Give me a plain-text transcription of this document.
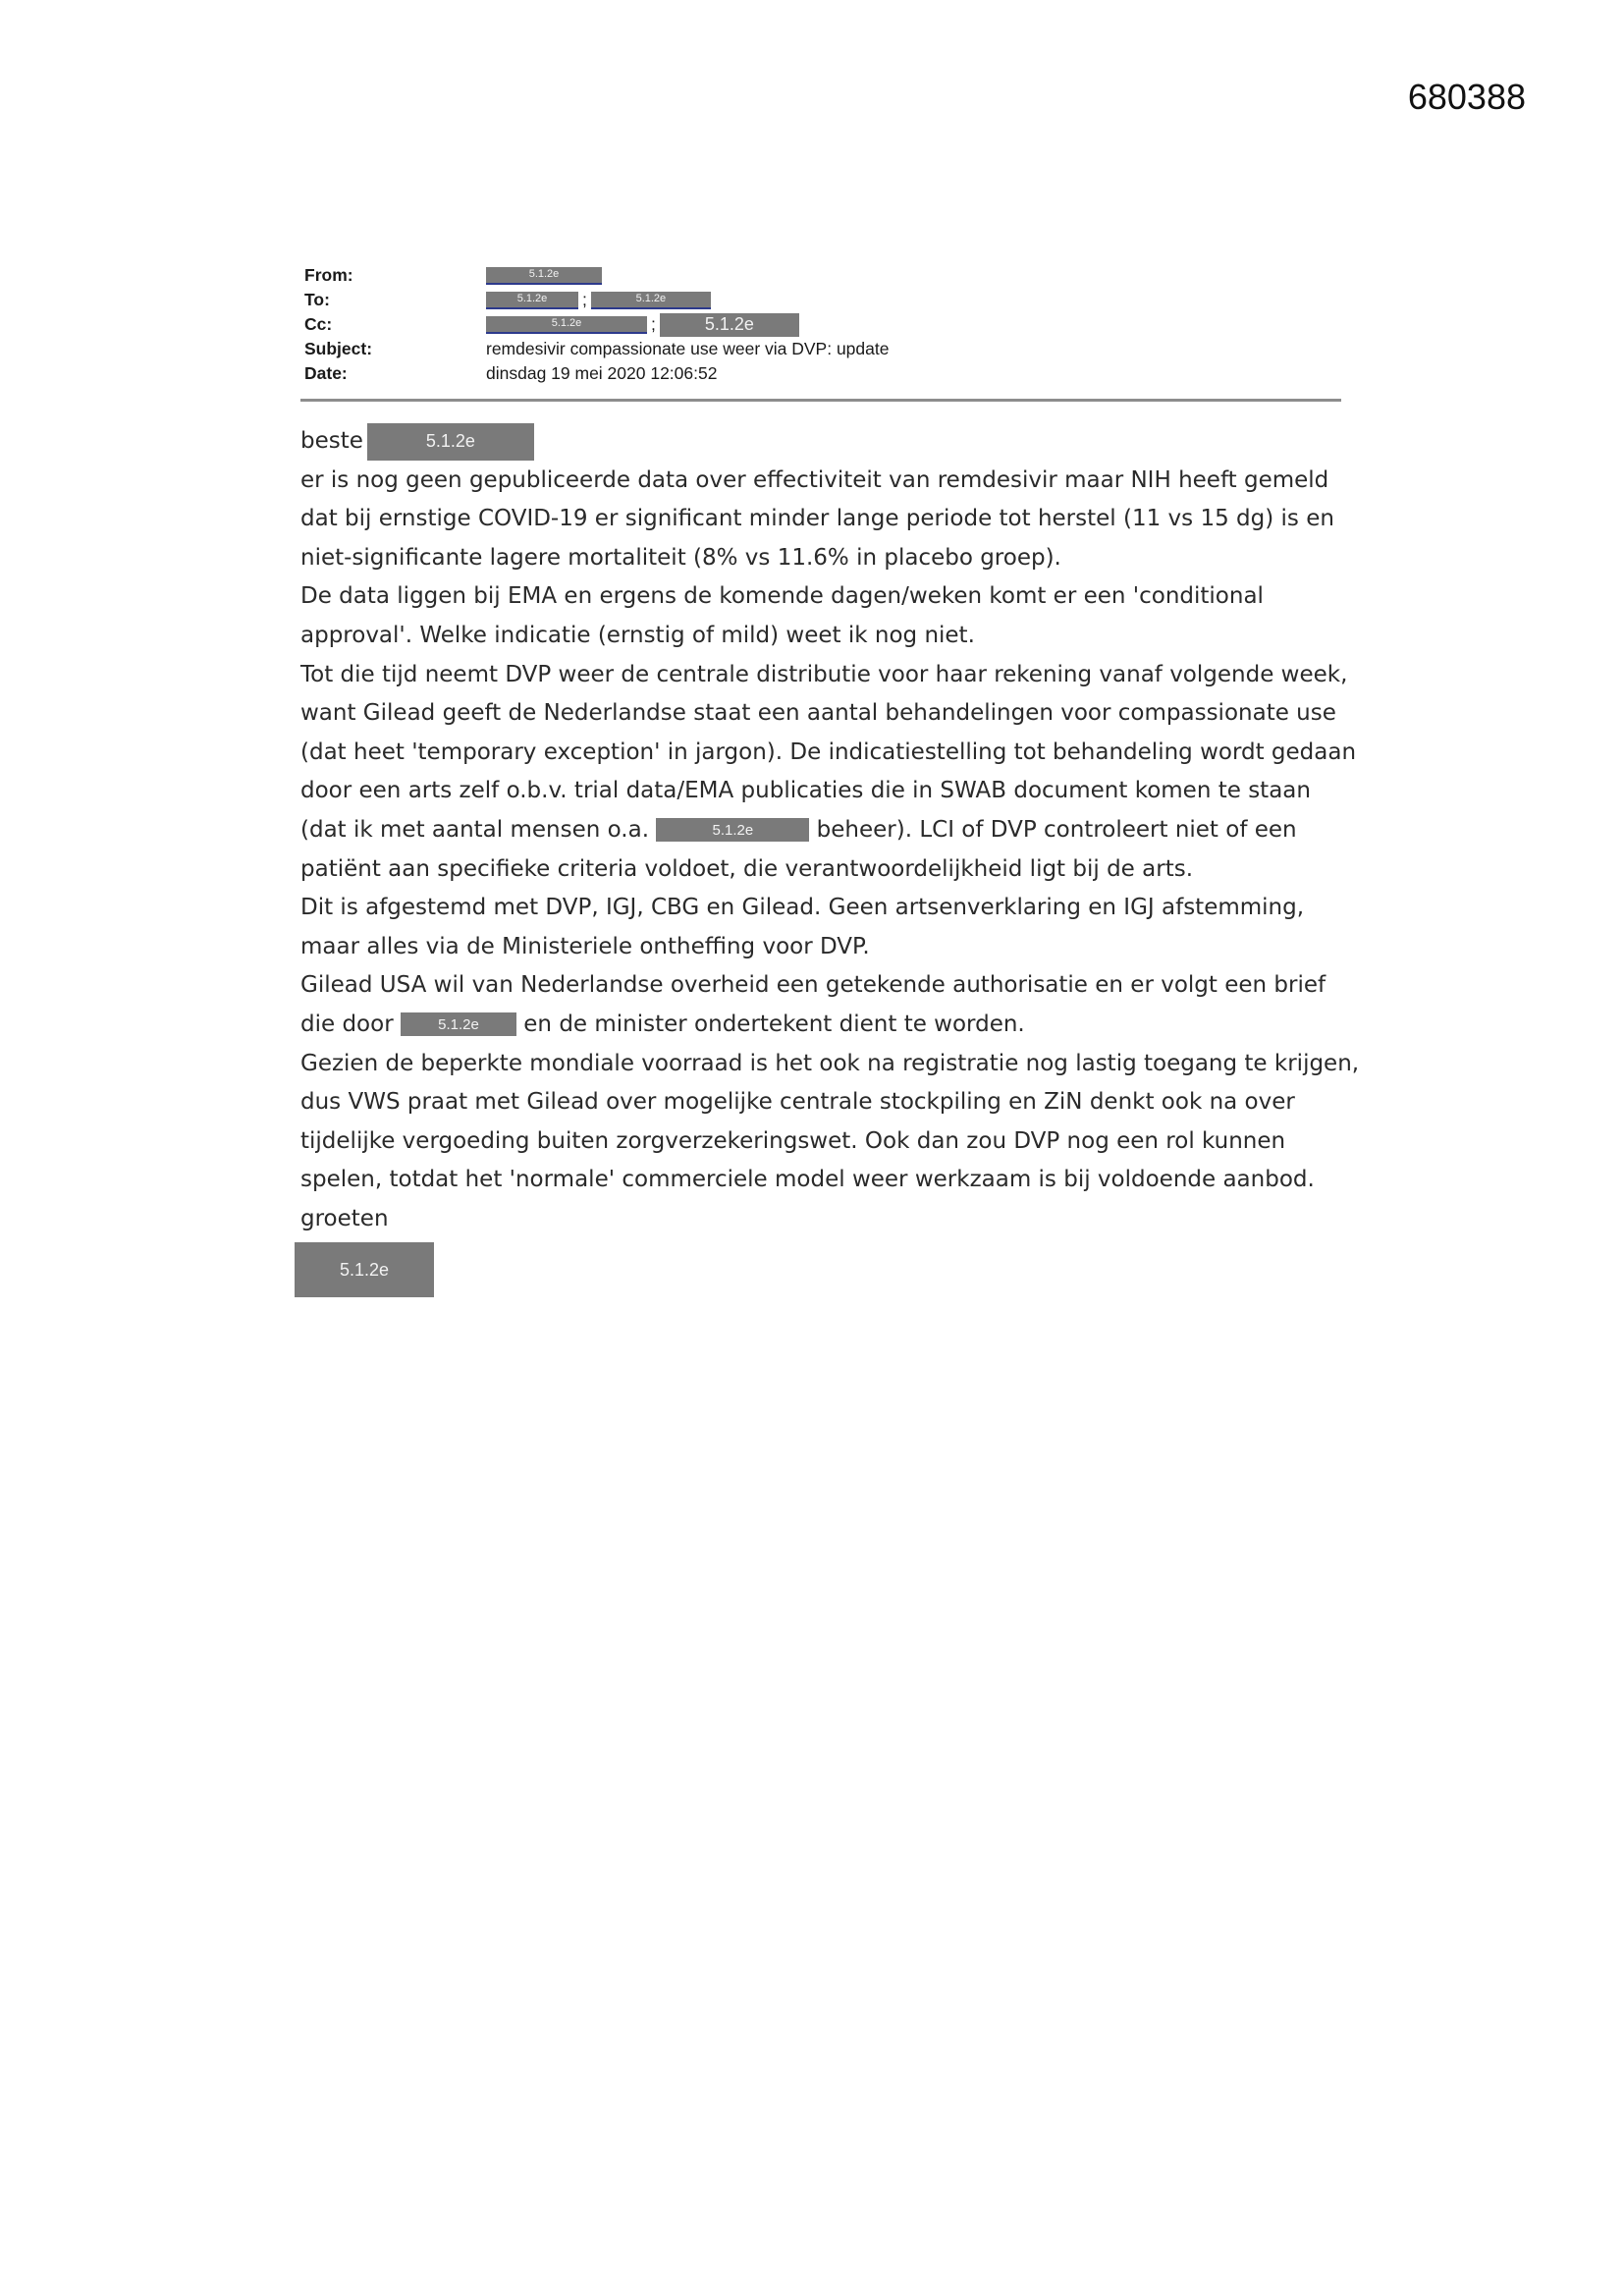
680388
From:	5.1.2e
To:	5.1.2e	;	5.1.2e
Cc:	5.1.2e	;	5.1.2e
Subject:	remdesivir compassionate use weer via DVP: update
Date:	dinsdag 19 mei 2020 12:06:52

beste	5.1.2e

er is nog geen gepubliceerde data over effectiviteit van remdesivir maar NIH heeft gemeld dat bij ernstige COVID-19 er significant minder lange periode tot herstel (11 vs 15 dg) is en niet-significante lagere mortaliteit (8% vs 11.6% in placebo groep).

De data liggen bij EMA en ergens de komende dagen/weken komt er een 'conditional approval'. Welke indicatie (ernstig of mild) weet ik nog niet.

Tot die tijd neemt DVP weer de centrale distributie voor haar rekening vanaf volgende week, want Gilead geeft de Nederlandse staat een aantal behandelingen voor compassionate use (dat heet 'temporary exception' in jargon). De indicatiestelling tot behandeling wordt gedaan door een arts zelf o.b.v. trial data/EMA publicaties die in SWAB document komen te staan (dat ik met aantal mensen o.a.	5.1.2e	beheer). LCI of DVP controleert niet of een patiënt aan specifieke criteria voldoet, die verantwoordelijkheid ligt bij de arts.

Dit is afgestemd met DVP, IGJ, CBG en Gilead. Geen artsenverklaring en IGJ afstemming, maar alles via de Ministeriele ontheffing voor DVP.

Gilead USA wil van Nederlandse overheid een getekende authorisatie en er volgt een brief die door	5.1.2e en de minister ondertekent dient te worden.

Gezien de beperkte mondiale voorraad is het ook na registratie nog lastig toegang te krijgen, dus VWS praat met Gilead over mogelijke centrale stockpiling en ZiN denkt ook na over tijdelijke vergoeding buiten zorgverzekeringswet. Ook dan zou DVP nog een rol kunnen spelen, totdat het 'normale' commerciele model weer werkzaam is bij voldoende aanbod.

groeten

5.1.2e
